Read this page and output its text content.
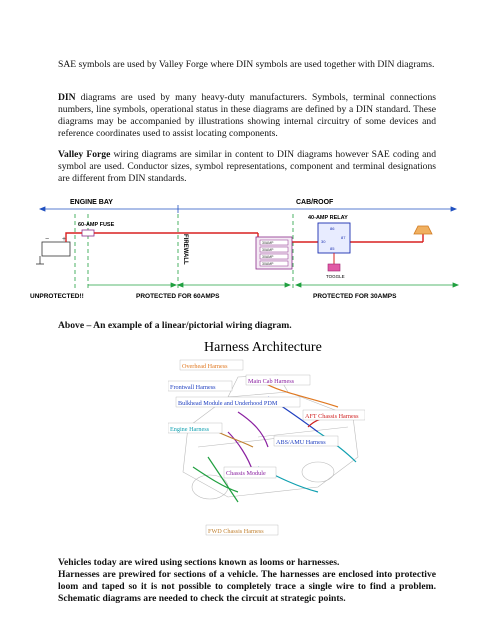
SAE symbols are used by Valley Forge where DIN symbols are used together with DIN diagrams.

DIN diagrams are used by many heavy-duty manufacturers. Symbols, terminal connections numbers, line symbols, operational status in these diagrams are defined by a DIN standard. These diagrams may be accompanied by illustrations showing internal circuitry of some devices and reference coordinates used to assist locating components.

Valley Forge wiring diagrams are similar in content to DIN diagrams however SAE coding and symbol are used. Conductor sizes, symbol representations, component and terminal designations are different from DIN standards.

ENGINE BAY	CAB/ROOF
− +
60-AMP FUSE
FIREWALL	30AMP
30AMP
30AMP
30AMP
40-AMP RELAY
86
30
87
85
TOGGLE
UNPROTECTED!!	PROTECTED FOR 60AMPS	PROTECTED FOR 30AMPS

Above – An example of a linear/pictorial wiring diagram.

Harness Architecture
Overhead Harness
Main Cab Harness
Frontwall Harness
Bulkhead Module and Underhood PDM
AFT Chassis Harness
Engine Harness
ABS/AMU Harness
Chassis Module
FWD Chassis Harness

Vehicles today are wired using sections known as looms or harnesses.

Harnesses are prewired for sections of a vehicle. The harnesses are enclosed into protective loom and taped so it is not possible to completely trace a single wire to find a problem. Schematic diagrams are needed to check the circuit at strategic points.
